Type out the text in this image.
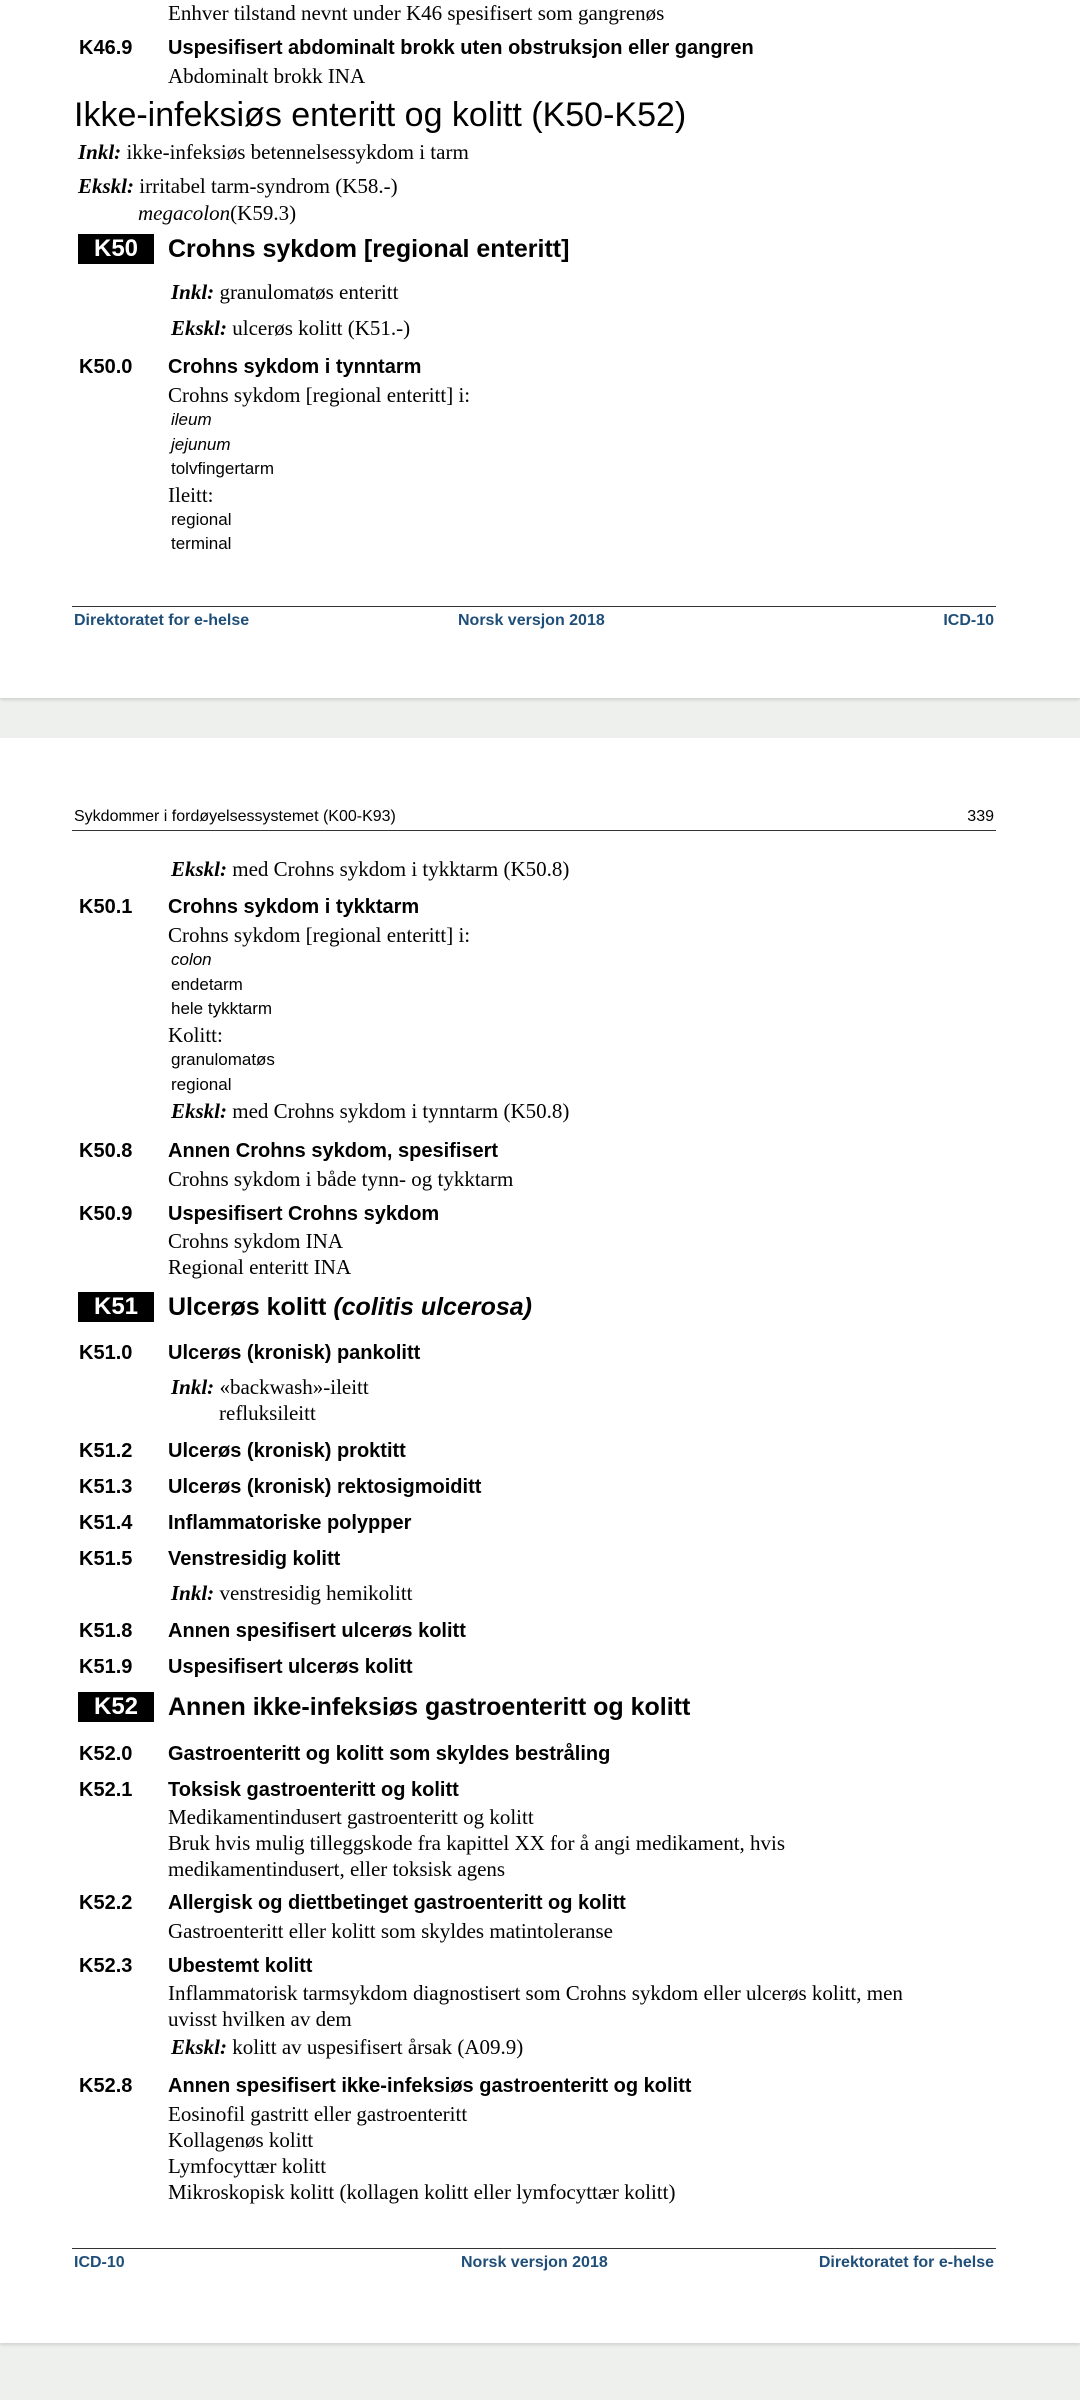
Enhver tilstand nevnt under K46 spesifisert som gangrenøs
K46.9 Uspesifisert abdominalt brokk uten obstruksjon eller gangren
Abdominalt brokk INA
Ikke-infeksiøs enteritt og kolitt (K50-K52)
Inkl: ikke-infeksiøs betennelsessykdom i tarm
Ekskl: irritabel tarm-syndrom (K58.-)
megacolon(K59.3)
K50	Crohns sykdom [regional enteritt]
Inkl: granulomatøs enteritt
Ekskl: ulcerøs kolitt (K51.-)
K50.0 Crohns sykdom i tynntarm
Crohns sykdom [regional enteritt] i:
ileum
jejunum
tolvfingertarm
Ileitt:
regional
terminal
Direktoratet for e-helse	Norsk versjon 2018	ICD-10
Sykdommer i fordøyelsessystemet (K00-K93)	339
Ekskl: med Crohns sykdom i tykktarm (K50.8)
K50.1 Crohns sykdom i tykktarm
Crohns sykdom [regional enteritt] i:
colon
endetarm
hele tykktarm
Kolitt:
granulomatøs
regional
Ekskl: med Crohns sykdom i tynntarm (K50.8)
K50.8 Annen Crohns sykdom, spesifisert
Crohns sykdom i både tynn- og tykktarm
K50.9 Uspesifisert Crohns sykdom
Crohns sykdom INA
Regional enteritt INA
K51	Ulcerøs kolitt (colitis ulcerosa)
K51.0 Ulcerøs (kronisk) pankolitt
Inkl: «backwash»-ileitt
refluksileitt
K51.2 Ulcerøs (kronisk) proktitt
K51.3 Ulcerøs (kronisk) rektosigmoiditt
K51.4 Inflammatoriske polypper
K51.5 Venstresidig kolitt
Inkl: venstresidig hemikolitt
K51.8 Annen spesifisert ulcerøs kolitt
K51.9 Uspesifisert ulcerøs kolitt
K52	Annen ikke-infeksiøs gastroenteritt og kolitt
K52.0 Gastroenteritt og kolitt som skyldes bestråling
K52.1 Toksisk gastroenteritt og kolitt
Medikamentindusert gastroenteritt og kolitt
Bruk hvis mulig tilleggskode fra kapittel XX for å angi medikament, hvis
medikamentindusert, eller toksisk agens
K52.2 Allergisk og diettbetinget gastroenteritt og kolitt
Gastroenteritt eller kolitt som skyldes matintoleranse
K52.3 Ubestemt kolitt
Inflammatorisk tarmsykdom diagnostisert som Crohns sykdom eller ulcerøs kolitt, men
uvisst hvilken av dem
Ekskl: kolitt av uspesifisert årsak (A09.9)
K52.8 Annen spesifisert ikke-infeksiøs gastroenteritt og kolitt
Eosinofil gastritt eller gastroenteritt
Kollagenøs kolitt
Lymfocyttær kolitt
Mikroskopisk kolitt (kollagen kolitt eller lymfocyttær kolitt)
ICD-10	Norsk versjon 2018	Direktoratet for e-helse
